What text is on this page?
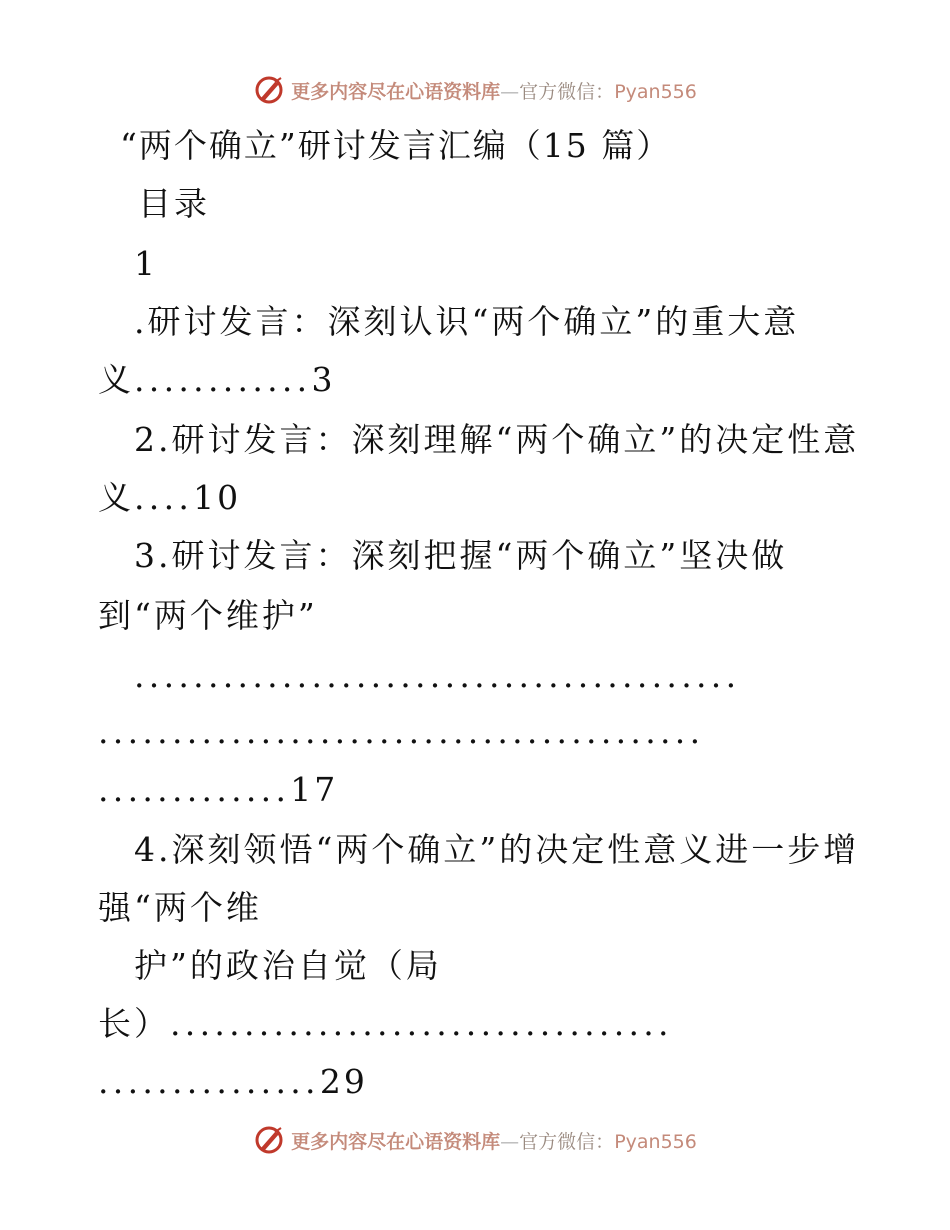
更多内容尽在心语资料库—官方微信：Pyan556
“两个确立”研讨发言汇编（15 篇）
目录
1
.研讨发言：深刻认识“两个确立”的重大意
义............3
2.研讨发言：深刻理解“两个确立”的决定性意
义....10
3.研讨发言：深刻把握“两个确立”坚决做
到“两个维护”
.........................................
.........................................
.............17
4.深刻领悟“两个确立”的决定性意义进一步增
强“两个维
护”的政治自觉（局
长）..................................
...............29
更多内容尽在心语资料库—官方微信：Pyan556
